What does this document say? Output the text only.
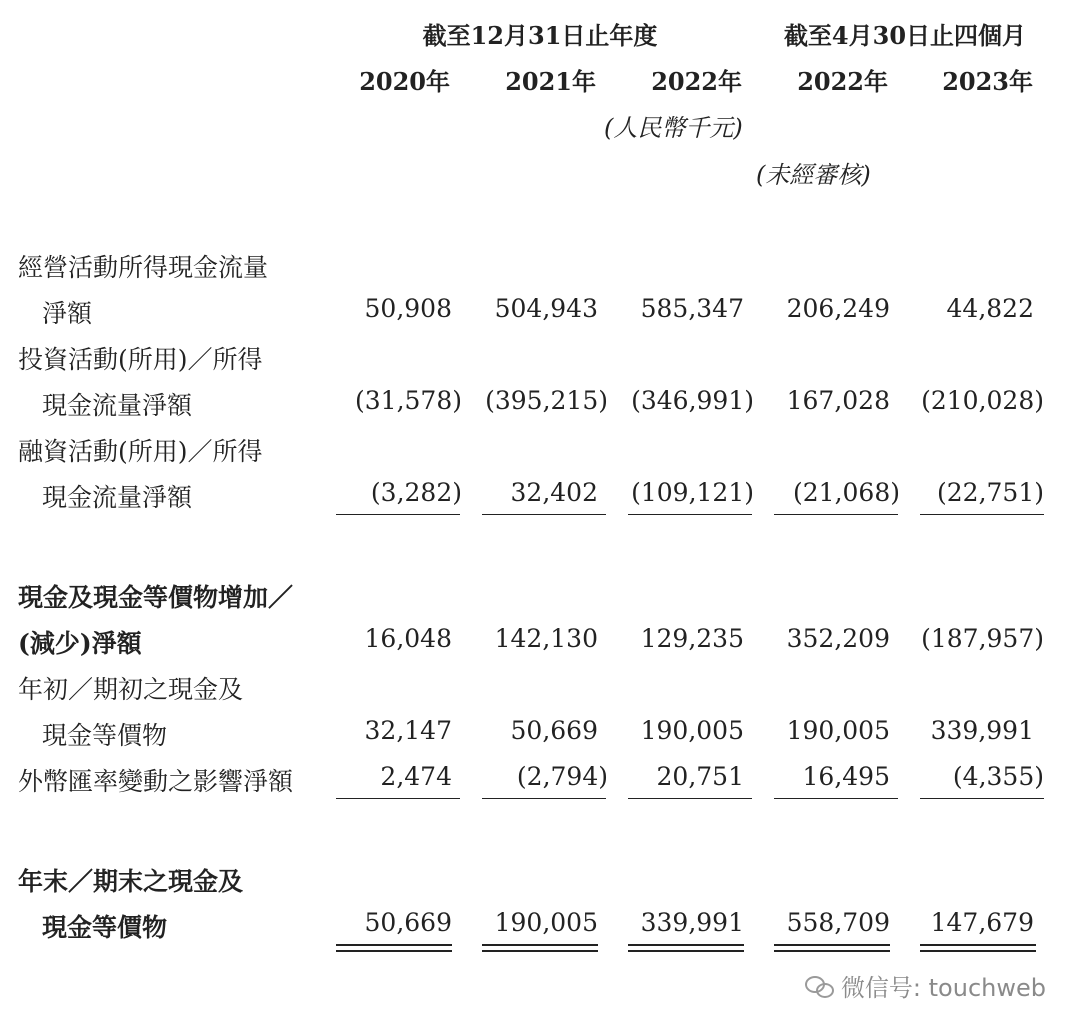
截至12月31日止年度	截至4月30日止四個月
2020年	2021年	2022年	2022年	2023年
(人民幣千元)
(未經審核)
經營活動所得現金流量
淨額	50,908	504,943	585,347	206,249	44,822
投資活動(所用)／所得
現金流量淨額	(31,578) (395,215) (346,991)	167,028	(210,028)
融資活動(所用)／所得
現金流量淨額	(3,282)	32,402	(109,121)	(21,068)	(22,751)
現金及現金等價物增加／
(減少)淨額	16,048	142,130	129,235	352,209	(187,957)
年初／期初之現金及
現金等價物	32,147	50,669	190,005	190,005	339,991
外幣匯率變動之影響淨額	2,474	(2,794)	20,751	16,495	(4,355)
年末／期末之現金及
現金等價物	50,669	190,005	339,991	558,709	147,679
微信号: touchweb
